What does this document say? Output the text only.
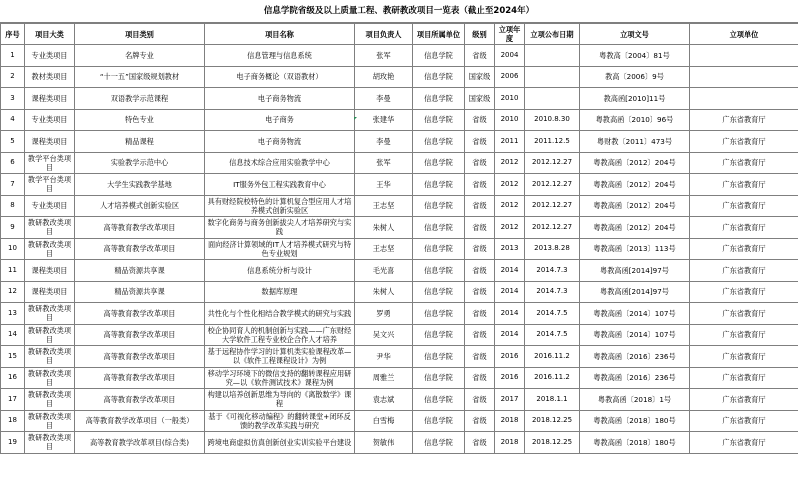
信息学院省级及以上质量工程、教研教改项目一览表（截止至2024年）
序号	项目大类	项目类别	项目名称	项目负责人	项目所属单位	级别	立项年度	立项公布日期	立项文号	立项单位
1	专业类项目	名牌专业	信息管理与信息系统	张军	信息学院	省级	2004		粤教高〔2004〕81号	
2	教材类项目	“十一五”国家级规划教材	电子商务概论（双语教材）	胡玫艳	信息学院	国家级	2006		教高〔2006〕9号	
3	课程类项目	双语教学示范课程	电子商务物流	李曼	信息学院	国家级	2010		教高函[2010]11号	
4	专业类项目	特色专业	电子商务	张建华	信息学院	省级	2010	2010.8.30	粤教高函〔2010〕96号	广东省教育厅
5	课程类项目	精品课程	电子商务物流	李曼	信息学院	省级	2011	2011.12.5	粤财教〔2011〕473号	广东省教育厅
6	教学平台类项目	实验教学示范中心	信息技术综合应用实验教学中心	张军	信息学院	省级	2012	2012.12.27	粤教高函〔2012〕204号	广东省教育厅
7	教学平台类项目	大学生实践教学基地	IT服务外包工程实践教育中心	王华	信息学院	省级	2012	2012.12.27	粤教高函〔2012〕204号	广东省教育厅
8	专业类项目	人才培养模式创新实验区	具有财经院校特色的计算机复合型应用人才培养模式创新实验区	王志坚	信息学院	省级	2012	2012.12.27	粤教高函〔2012〕204号	广东省教育厅
9	教研教改类项目	高等教育教学改革项目	数字化商务与商务创新拔尖人才培养研究与实践	朱树人	信息学院	省级	2012	2012.12.27	粤教高函〔2012〕204号	广东省教育厅
10	教研教改类项目	高等教育教学改革项目	面向经济计算领域的IT人才培养模式研究与特色专业规划	王志坚	信息学院	省级	2013	2013.8.28	粤教高函〔2013〕113号	广东省教育厅
11	课程类项目	精品资源共享课	信息系统分析与设计	毛光喜	信息学院	省级	2014	2014.7.3	粤教高函[2014]97号	广东省教育厅
12	课程类项目	精品资源共享课	数据库原理	朱树人	信息学院	省级	2014	2014.7.3	粤教高函[2014]97号	广东省教育厅
13	教研教改类项目	高等教育教学改革项目	共性化与个性化相结合教学模式的研究与实践	罗勇	信息学院	省级	2014	2014.7.5	粤教高函〔2014〕107号	广东省教育厅
14	教研教改类项目	高等教育教学改革项目	校企协同育人的机制创新与实践——广东财经大学软件工程专业校企合作人才培养	吴文兴	信息学院	省级	2014	2014.7.5	粤教高函〔2014〕107号	广东省教育厅
15	教研教改类项目	高等教育教学改革项目	基于远程协作学习的计算机类实验课程改革—以《软件工程课程设计》为例	尹华	信息学院	省级	2016	2016.11.2	粤教高函〔2016〕236号	广东省教育厅
16	教研教改类项目	高等教育教学改革项目	移动学习环境下的微信支持的翻转课程应用研究—以《软件测试技术》课程为例	周雅兰	信息学院	省级	2016	2016.11.2	粤教高函〔2016〕236号	广东省教育厅
17	教研教改类项目	高等教育教学改革项目	构建以培养创新思维为导向的《离散数学》课程	袁志斌	信息学院	省级	2017	2018.1.1	粤教高函〔2018〕1号	广东省教育厅
18	教研教改类项目	高等教育教学改革项目（一般类）	基于《可视化移动编程》的翻转课堂+闭环反馈的教学改革实践与研究	白雪梅	信息学院	省级	2018	2018.12.25	粤教高函〔2018〕180号	广东省教育厅
19	教研教改类项目	高等教育教学改革项目(综合类)	跨境电商虚拟仿真创新创业实训实验平台建设	贺敏伟	信息学院	省级	2018	2018.12.25	粤教高函〔2018〕180号	广东省教育厅
